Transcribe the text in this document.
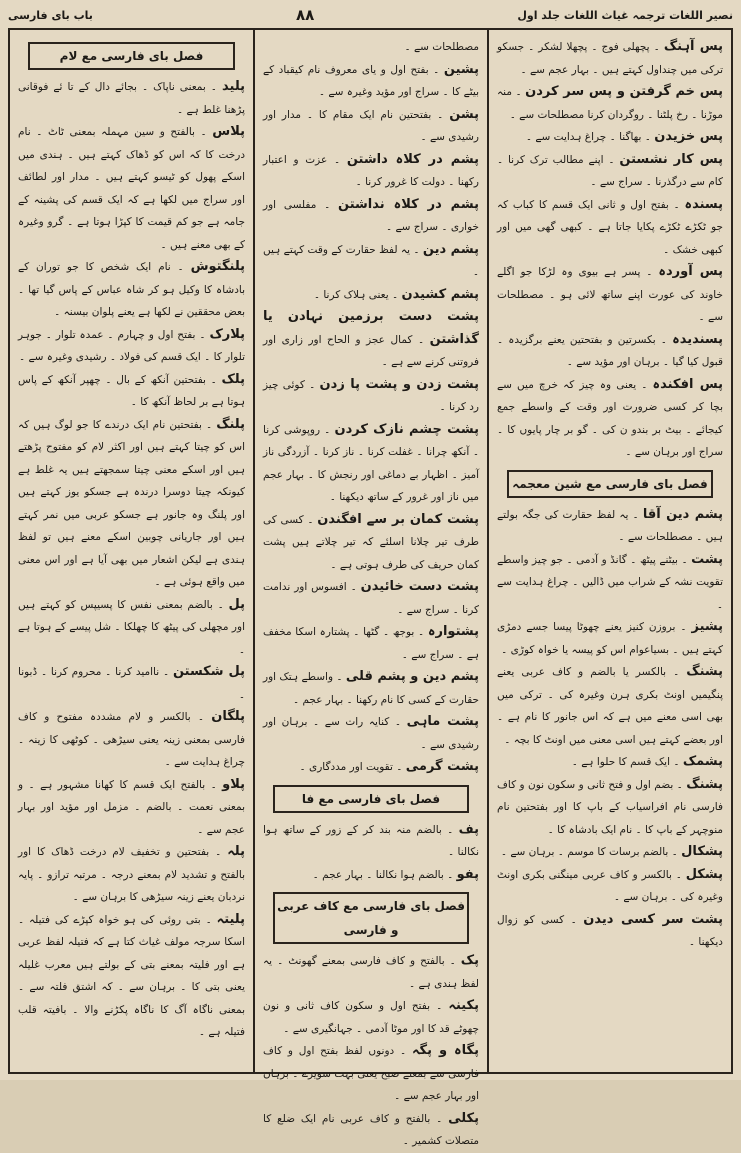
نصیر اللغات ترجمہ غیاث اللغات جلد اول
۸۸
باب بای فارسی

پس آہنگ ۔ پچھلی فوج ۔ پچھلا لشکر ۔ جسکو ترکی میں چنداول کہتے ہیں ۔ بہار عجم سے ۔

پس خم گرفتن و پس سر کردن ۔ منہ موڑنا ۔ رخ پلٹنا ۔ روگردان کرنا مصطلحات سے ۔

پس خزیدن ۔ بھاگنا ۔ چراغ ہدایت سے ۔

پس کار نشستن ۔ اپنے مطالب ترک کرنا ۔ کام سے درگذرنا ۔ سراج سے ۔

پسندہ ۔ بفتح اول و ثانی ایک قسم کا کباب کہ جو ٹکڑے ٹکڑے پکایا جاتا ہے ۔ کبھی گھی میں اور کبھی خشک ۔

پس آوردہ ۔ پسر ہے بیوی وہ لڑکا جو اگلے خاوند کی عورت اپنے ساتھ لائی ہو ۔ مصطلحات سے ۔

پسندیدہ ۔ بکسرتین و بفتحتین یعنے برگزیدہ ۔ قبول کیا گیا ۔ برہان اور مؤید سے ۔

پس افکندہ ۔ یعنی وہ چیز کہ خرچ میں سے بچا کر کسی ضرورت اور وقت کے واسطے جمع کیجائے ۔ بیٹ بر بندو ن کی ۔ گو بر چار پایوں کا ۔ سراج اور برہان سے ۔

فصل بای فارسی مع شین معجمہ

پشم دین آقا ۔ یہ لفظ حقارت کی جگہ بولتے ہیں ۔ مصطلحات سے ۔

پشت ۔ بیٹنے پیٹھ ۔ گانڈ و آدمی ۔ جو چیز واسطے تقویت نشہ کے شراب میں ڈالیں ۔ چراغ ہدایت سے ۔

پشیز ۔ بروزن کنیز یعنے چھوٹا پیسا جسے دمڑی کہتے ہیں ۔ بسیاعوام اس کو پیسہ یا خواہ کوڑی ۔

پشنگ ۔ بالکسر یا بالضم و کاف عربی یعنے پنگیمیں اونٹ بکری ہرن وغیرہ کی ۔ ترکی میں بھی اسی معنے میں ہے کہ اس جانور کا نام ہے ۔ اور بعضے کہتے ہیں اسی معنی میں اونٹ کا بچہ ۔

پشمک ۔ ایک قسم کا حلوا ہے ۔

پشنگ ۔ بضم اول و فتح ثانی و سکون نون و کاف فارسی نام افراسیاب کے باپ کا اور بفتحتین نام منوچہر کے باپ کا ۔ نام ایک بادشاہ کا ۔

پشکال ۔ بالضم برسات کا موسم ۔ برہان سے ۔

پشکل ۔ بالکسر و کاف عربی مینگنی بکری اونٹ وغیرہ کی ۔ برہان سے ۔

پشت سر کسی دیدن ۔ کسی کو زوال دیکھنا ۔

مصطلحات سے ۔

پشین ۔ بفتح اول و یای معروف نام کیقباد کے بیٹے کا ۔ سراج اور مؤید وغیرہ سے ۔

پشن ۔ بفتحتین نام ایک مقام کا ۔ مدار اور رشیدی سے ۔

پشم در کلاہ داشتن ۔ عزت و اعتبار رکھنا ۔ دولت کا غرور کرنا ۔

پشم در کلاہ نداشتن ۔ مفلسی اور خواری ۔ سراج سے ۔

پشم دین ۔ یہ لفظ حقارت کے وقت کہتے ہیں ۔

پشم کشیدن ۔ یعنی ہلاک کرنا ۔

پشت دست برزمین نہادن یا گذاشتن ۔ کمال عجز و الحاح اور زاری اور فروتنی کرنے سے ہے ۔

پشت زدن و پشت پا زدن ۔ کوئی چیز رد کرنا ۔

پشت چشم نازک کردن ۔ روپوشی کرنا ۔ آنکھ چرانا ۔ غفلت کرنا ۔ ناز کرنا ۔ آزردگی ناز آمیز ۔ اظہار بے دماغی اور رنجش کا ۔ بہار عجم میں ناز اور غرور کے ساتھ دیکھنا ۔

پشت کمان بر سے افگندن ۔ کسی کی طرف تیر چلانا اسلئے کہ تیر چلاتے ہیں پشت کمان حریف کی طرف ہوتی ہے ۔

پشت دست خائیدن ۔ افسوس اور ندامت کرنا ۔ سراج سے ۔

پشتوارہ ۔ بوجھ ۔ گٹھا ۔ پشتارہ اسکا مخفف ہے ۔ سراج سے ۔

پشم دین و پشم قلی ۔ واسطے ہتک اور حقارت کے کسی کا نام رکھنا ۔ بہار عجم ۔

پشت ماہی ۔ کنایہ رات سے ۔ برہان اور رشیدی سے ۔

پشت گرمی ۔ تقویت اور مددگاری ۔

فصل بای فارسی مع فا

پف ۔ بالضم منہ بند کر کے زور کے ساتھ ہوا نکالنا ۔

پفو ۔ بالضم ہوا نکالنا ۔ بہار عجم ۔

فصل بای فارسی مع کاف عربی و فارسی

پک ۔ بالفتح و کاف فارسی بمعنے گھونٹ ۔ یہ لفظ ہندی ہے ۔

پکینہ ۔ بفتح اول و سکون کاف ثانی و نون چھوٹے قد کا اور موٹا آدمی ۔ جہانگیری سے ۔

پگاہ و پگہ ۔ دونوں لفظ بفتح اول و کاف فارسی سے بمعنے صبح یعنی بہت سویرے ۔ برہان اور بہار عجم سے ۔

پکلی ۔ بالفتح و کاف عربی نام ایک ضلع کا متصلات کشمیر ۔

فصل بای فارسی مع لام

پلید ۔ بمعنی ناپاک ۔ بجائے دال کے تا ئے فوقانی پڑھنا غلط ہے ۔

پلاس ۔ بالفتح و سین مہملہ بمعنی ٹاٹ ۔ نام درخت کا کہ اس کو ڈھاک کہتے ہیں ۔ ہندی میں اسکے پھول کو ٹیسو کہتے ہیں ۔ مدار اور لطائف اور سراج میں لکھا ہے کہ ایک قسم کی پشینہ کے جامہ ہے جو کم قیمت کا کپڑا ہوتا ہے ۔ گرو وغیرہ کے بھی معنے ہیں ۔

پلنگتوش ۔ نام ایک شخص کا جو توران کے بادشاہ کا وکیل ہو کر شاہ عباس کے پاس گیا تھا ۔ بعض محققین نے لکھا ہے یعنے پلوان بیسنہ ۔

پلارک ۔ بفتح اول و چہارم ۔ عمدہ تلوار ۔ جوہر تلوار کا ۔ ایک قسم کی فولاد ۔ رشیدی وغیرہ سے ۔

پلک ۔ بفتحتین آنکھ کے بال ۔ چھپر آنکھ کے پاس ہوتا ہے بر لحاظ آنکھ کا ۔

پلنگ ۔ بفتحتین نام ایک درندے کا جو لوگ ہیں کہ اس کو چیتا کہتے ہیں اور اکثر لام کو مفتوح پڑھتے ہیں اور اسکے معنی چیتا سمجھتے ہیں یہ غلط ہے کیونکہ چیتا دوسرا درندہ ہے جسکو یوز کہتے ہیں اور پلنگ وہ جانور ہے جسکو عربی میں نمر کہتے ہیں اور جاریانی چوبین اسکے معنے ہیں تو لفظ ہندی ہے لیکن اشعار میں بھی آیا ہے اور اس معنی میں واقع ہوئی ہے ۔

پل ۔ بالضم بمعنی نفس کا پسیپس کو کہتے ہیں اور مچھلی کی پیٹھ کا چھلکا ۔ شل پیسے کے ہوتا ہے ۔

پل شکستن ۔ ناامید کرنا ۔ محروم کرنا ۔ ڈبونا ۔

پلگان ۔ بالکسر و لام مشددہ مفتوح و کاف فارسی بمعنی زینہ یعنی سیڑھی ۔ کوٹھی کا زینہ ۔ چراغ ہدایت سے ۔

پلاو ۔ بالفتح ایک قسم کا کھانا مشہور ہے ۔ و بمعنی نعمت ۔ بالضم ۔ مزمل اور مؤید اور بہار عجم سے ۔

پلہ ۔ بفتحتین و تخفیف لام درخت ڈھاک کا اور بالفتح و تشدید لام بمعنے درجہ ۔ مرتبہ ترازو ۔ پایہ نردبان یعنے زینہ سیڑھی کا برہان سے ۔

پلیتہ ۔ بتی روئی کی ہو خواہ کپڑے کی فتیلہ ۔ اسکا سرجہ مولف غیاث کتا ہے کہ فتیلہ لفظ عربی ہے اور فلیتہ بمعنے بتی کے بولتے ہیں معرب غلیلہ یعنی بتی کا ۔ برہان سے ۔ کہ اشتق فلتہ سے ۔ بمعنی ناگاہ آگ کا ناگاہ پکڑنے والا ۔ بافیتہ قلب فتیلہ ہے ۔
